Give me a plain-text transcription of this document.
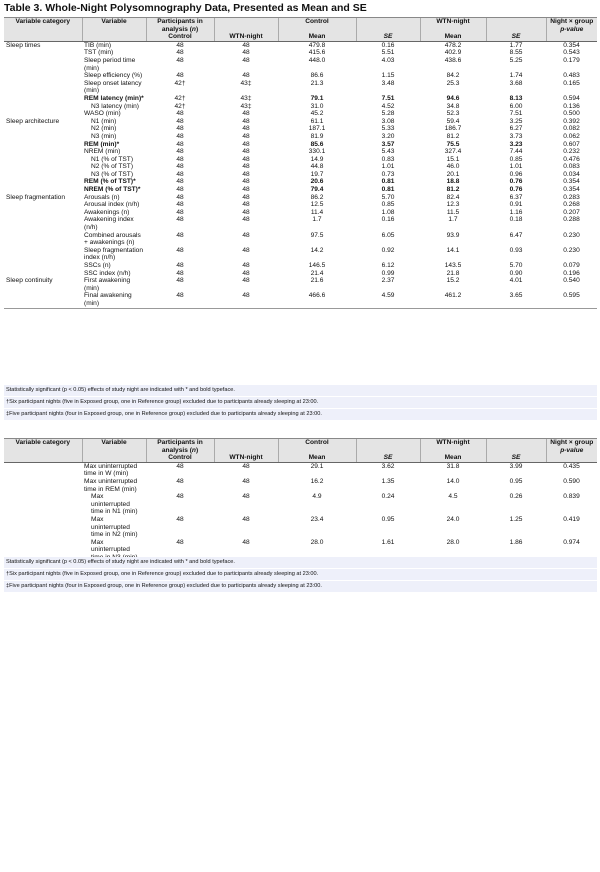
Table 3. Whole-Night Polysomnography Data, Presented as Mean and SE
Variable category	Variable	Participants in analysis (n)		Control		WTN-night		Night × group
p-value
		Control	WTN-night	Mean	SE	Mean	SE	
Sleep times	TIB (min)	48	48	479.8	0.16	478.2	1.77	0.354
	TST (min)	48	48	415.6	5.51	402.9	8.55	0.543
	Sleep period time (min)	48	48	448.0	4.03	438.6	5.25	0.179
	Sleep efficiency (%)	48	48	86.6	1.15	84.2	1.74	0.483
	Sleep onset latency (min)	42†	43‡	21.3	3.48	25.3	3.68	0.165
	REM latency (min)*	42†	43‡	79.1	7.51	94.6	8.13	0.594
	N3 latency (min)	42†	43‡	31.0	4.52	34.8	6.00	0.136
	WASO (min)	48	48	45.2	5.28	52.3	7.51	0.500
Sleep architecture	N1 (min)	48	48	61.1	3.08	59.4	3.25	0.392
	N2 (min)	48	48	187.1	5.33	186.7	6.27	0.082
	N3 (min)	48	48	81.9	3.20	81.2	3.73	0.062
	REM (min)*	48	48	85.6	3.57	75.5	3.23	0.607
	NREM (min)	48	48	330.1	5.43	327.4	7.44	0.232
	N1 (% of TST)	48	48	14.9	0.83	15.1	0.85	0.476
	N2 (% of TST)	48	48	44.8	1.01	46.0	1.01	0.083
	N3 (% of TST)	48	48	19.7	0.73	20.1	0.96	0.034
	REM (% of TST)*	48	48	20.6	0.81	18.8	0.76	0.354
	NREM (% of TST)*	48	48	79.4	0.81	81.2	0.76	0.354
Sleep fragmentation	Arousals (n)	48	48	86.2	5.70	82.4	6.37	0.283
	Arousal index (n/h)	48	48	12.5	0.85	12.3	0.91	0.268
	Awakenings (n)	48	48	11.4	1.08	11.5	1.16	0.207
	Awakening index (n/h)	48	48	1.7	0.16	1.7	0.18	0.288
	Combined arousals + awakenings (n)	48	48	97.5	6.05	93.9	6.47	0.230
	Sleep fragmentation index (n/h)	48	48	14.2	0.92	14.1	0.93	0.230
	SSCs (n)	48	48	146.5	6.12	143.5	5.70	0.079
	SSC index (n/h)	48	48	21.4	0.99	21.8	0.90	0.196
Sleep continuity	First awakening (min)	48	48	21.6	2.37	15.2	4.01	0.540
	Final awakening (min)	48	48	466.6	4.59	461.2	3.65	0.595
Statistically significant (p < 0.05) effects of study night are indicated with * and bold typeface.
†Six participant nights (five in Exposed group, one in Reference group) excluded due to participants already sleeping at 23:00.
‡Five participant nights (four in Exposed group, one in Reference group) excluded due to participants already sleeping at 23:00.
Variable category	Variable	Participants in analysis (n)		Control		WTN-night		Night × group
p-value
		Control	WTN-night	Mean	SE	Mean	SE	
	Max uninterrupted time in W (min)	48	48	29.1	3.62	31.8	3.99	0.435
	Max uninterrupted time in REM (min)	48	48	16.2	1.35	14.0	0.95	0.590
	Max uninterrupted time in N1 (min)	48	48	4.9	0.24	4.5	0.26	0.839
	Max uninterrupted time in N2 (min)	48	48	23.4	0.95	24.0	1.25	0.419
	Max uninterrupted	48	48	28.0	1.61	28.0	1.86	0.974
Statistically significant (p < 0.05) effects of study night are indicated with * and bold typeface.
†Six participant nights (five in Exposed group, one in Reference group) excluded due to participants already sleeping at 23:00.
‡Five participant nights (four in Exposed group, one in Reference group) excluded due to participants already sleeping at 23:00.
